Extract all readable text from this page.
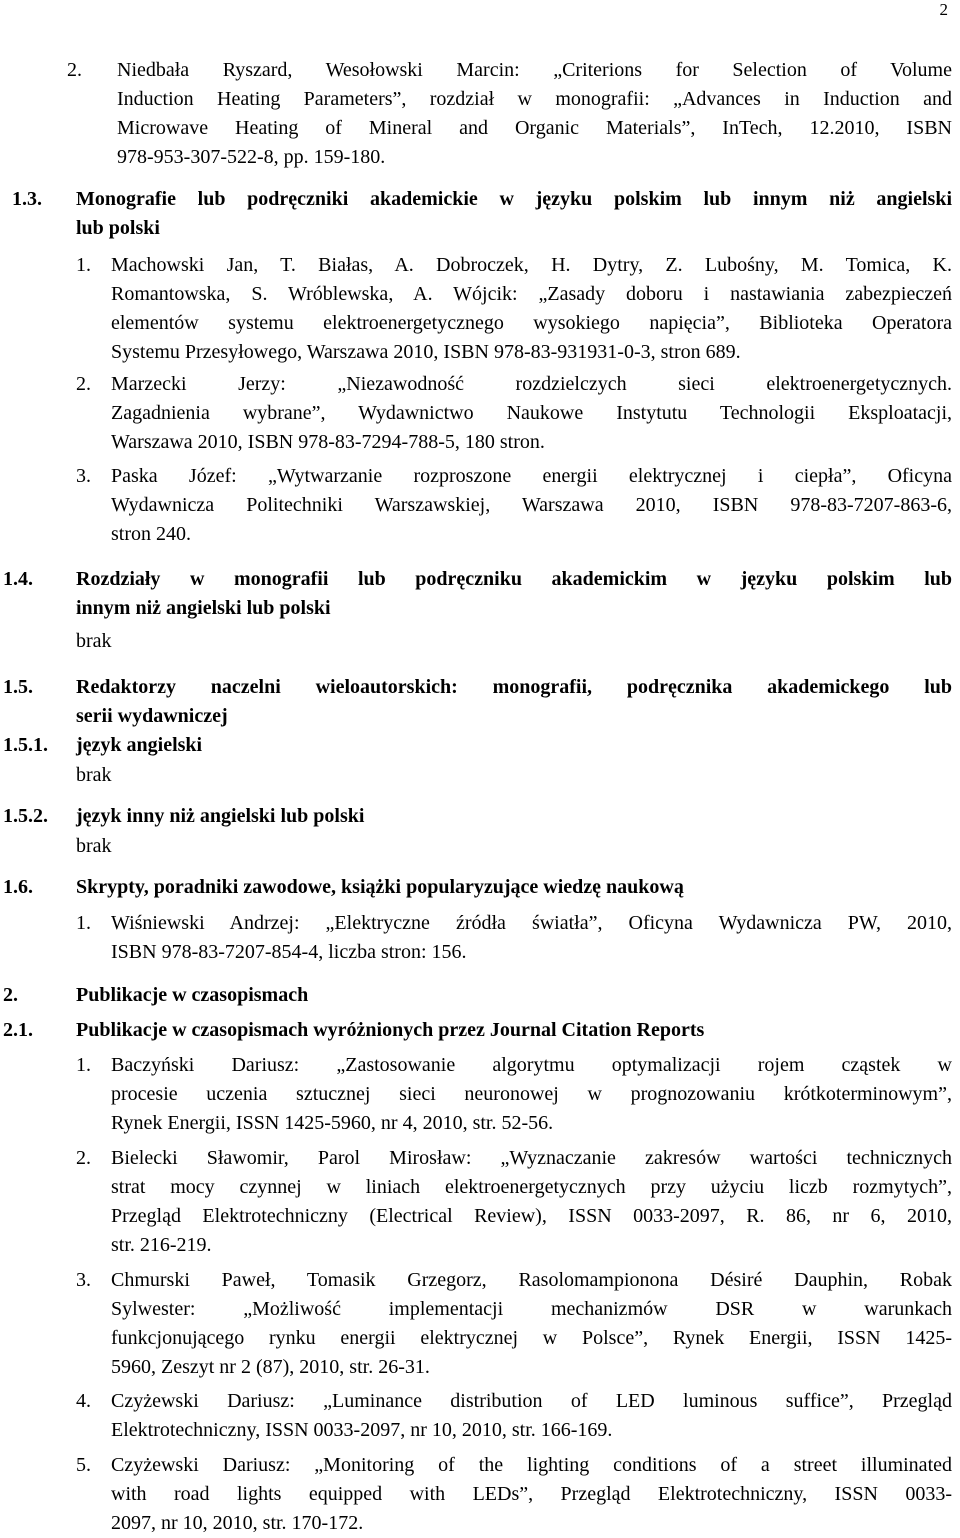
2
2. Niedbała Ryszard, Wesołowski Marcin: „Criterions for Selection of Volume
Induction Heating Parameters”, rozdział w monografii: „Advances in Induction and
Microwave Heating of Mineral and Organic Materials”, InTech, 12.2010, ISBN
978-953-307-522-8, pp. 159-180.
1.3. Monografie lub podręczniki akademickie w języku polskim lub innym niż angielski
lub polski
1. Machowski Jan, T. Białas, A. Dobroczek, H. Dytry, Z. Lubośny, M. Tomica, K.
Romantowska, S. Wróblewska, A. Wójcik: „Zasady doboru i nastawiania zabezpieczeń
elementów systemu elektroenergetycznego wysokiego napięcia”, Biblioteka Operatora
Systemu Przesyłowego, Warszawa 2010, ISBN 978-83-931931-0-3, stron 689.
2. Marzecki Jerzy: „Niezawodność rozdzielczych sieci elektroenergetycznych.
Zagadnienia wybrane”, Wydawnictwo Naukowe Instytutu Technologii Eksploatacji,
Warszawa 2010, ISBN 978-83-7294-788-5, 180 stron.
3. Paska Józef: „Wytwarzanie rozproszone energii elektrycznej i ciepła”, Oficyna
Wydawnicza Politechniki Warszawskiej, Warszawa 2010, ISBN 978-83-7207-863-6,
stron 240.
1.4. Rozdziały w monografii lub podręczniku akademickim w języku polskim lub
innym niż angielski lub polski
brak
1.5. Redaktorzy naczelni wieloautorskich: monografii, podręcznika akademickego lub
serii wydawniczej
1.5.1. język angielski
brak
1.5.2. język inny niż angielski lub polski
brak
1.6. Skrypty, poradniki zawodowe, książki popularyzujące wiedzę naukową
1. Wiśniewski Andrzej: „Elektryczne źródła światła”, Oficyna Wydawnicza PW, 2010,
ISBN 978-83-7207-854-4, liczba stron: 156.
2.	Publikacje w czasopismach
2.1. Publikacje w czasopismach wyróżnionych przez Journal Citation Reports
1. Baczyński Dariusz: „Zastosowanie algorytmu optymalizacji rojem cząstek w
procesie uczenia sztucznej sieci neuronowej w prognozowaniu krótkoterminowym”,
Rynek Energii, ISSN 1425-5960, nr 4, 2010, str. 52-56.
2. Bielecki Sławomir, Parol Mirosław: „Wyznaczanie zakresów wartości technicznych
strat mocy czynnej w liniach elektroenergetycznych przy użyciu liczb rozmytych”,
Przegląd Elektrotechniczny (Electrical Review), ISSN 0033-2097, R. 86, nr 6, 2010,
str. 216-219.
3. Chmurski Paweł, Tomasik Grzegorz, Rasolomampionona Désiré Dauphin, Robak
Sylwester: „Możliwość implementacji mechanizmów DSR w warunkach
funkcjonującego rynku energii elektrycznej w Polsce”, Rynek Energii, ISSN 1425-
5960, Zeszyt nr 2 (87), 2010, str. 26-31.
4. Czyżewski Dariusz: „Luminance distribution of LED luminous suffice”, Przegląd
Elektrotechniczny, ISSN 0033-2097, nr 10, 2010, str. 166-169.
5. Czyżewski Dariusz: „Monitoring of the lighting conditions of a street illuminated
with road lights equipped with LEDs”, Przegląd Elektrotechniczny, ISSN 0033-
2097, nr 10, 2010, str. 170-172.
